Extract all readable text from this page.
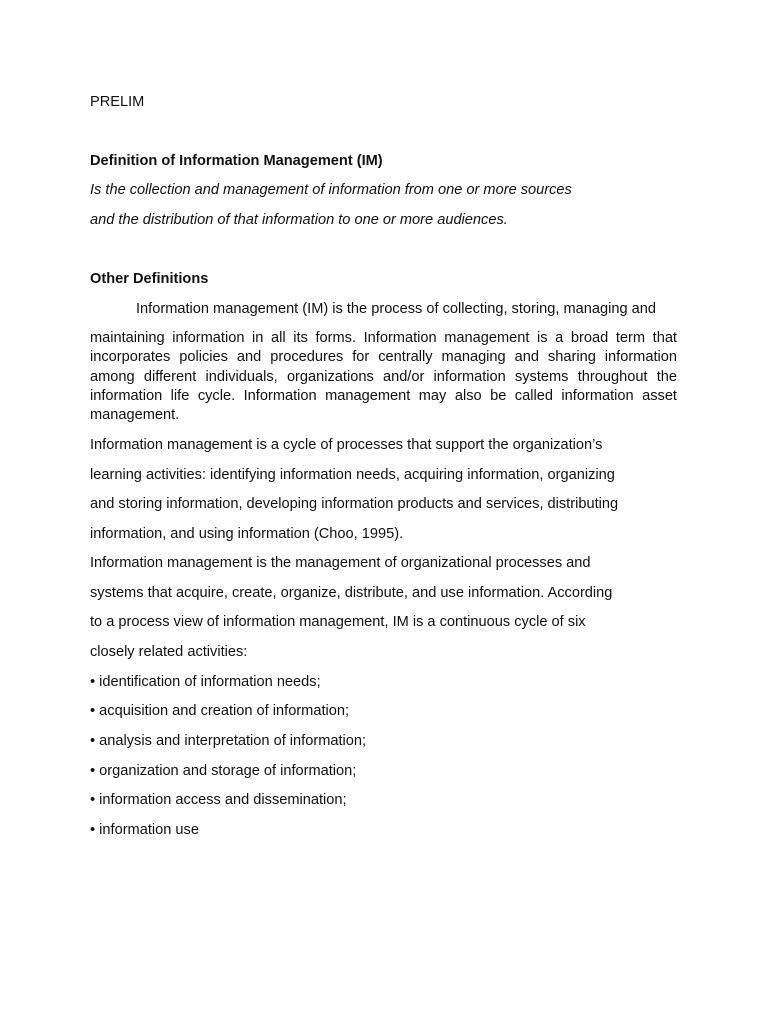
PRELIM

Definition of Information Management (IM)

Is the collection and management of information from one or more sources

and the distribution of that information to one or more audiences.

Other Definitions

Information management (IM) is the process of collecting, storing, managing and

maintaining information in all its forms. Information management is a broad term that incorporates policies and procedures for centrally managing and sharing information among different individuals, organizations and/or information systems throughout the information life cycle. Information management may also be called information asset management.

Information management is a cycle of processes that support the organization’s

learning activities: identifying information needs, acquiring information, organizing

and storing information, developing information products and services, distributing

information, and using information (Choo, 1995).

Information management is the management of organizational processes and

systems that acquire, create, organize, distribute, and use information. According

to a process view of information management, IM is a continuous cycle of six

closely related activities:

• identification of information needs;

• acquisition and creation of information;

• analysis and interpretation of information;

• organization and storage of information;

• information access and dissemination;

• information use
